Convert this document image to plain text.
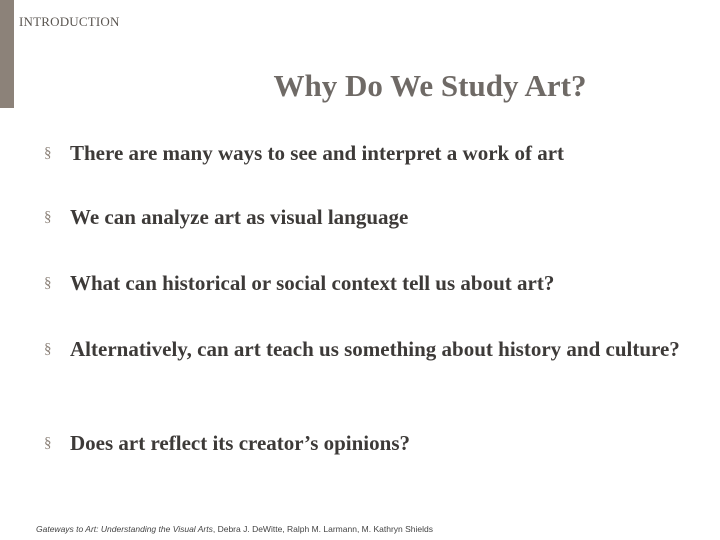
INTRODUCTION
Why Do We Study Art?
§ There are many ways to see and interpret a work of art
§ We can analyze art as visual language
§ What can historical or social context tell us about art?
§ Alternatively, can art teach us something about history and culture?
§ Does art reflect its creator’s opinions?
Gateways to Art: Understanding the Visual Arts, Debra J. DeWitte, Ralph M. Larmann, M. Kathryn Shields
